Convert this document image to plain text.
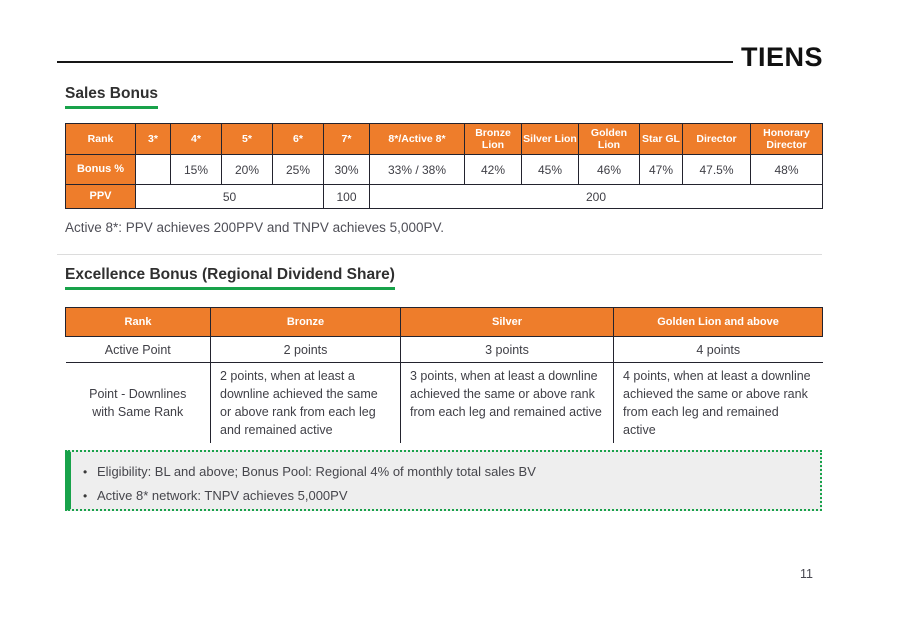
TIENS
Sales Bonus
Rank	3*	4*	5*	6*	7*	8*/Active 8*	Bronze Lion	Silver Lion	Golden Lion	Star GL	Director	Honorary Director
Bonus %		15%	20%	25%	30%	33% / 38%	42%	45%	46%	47%	47.5%	48%
PPV	50				100	200						
Active 8*: PPV achieves 200PPV and TNPV achieves 5,000PV.
Excellence Bonus (Regional Dividend Share)
Rank	Bronze	Silver	Golden Lion and above
Active Point	2 points	3 points	4 points
Point - Downlines with Same Rank	2 points, when at least a downline achieved the same or above rank from each leg and remained active	3 points, when at least a downline achieved the same or above rank from each leg and remained active	4 points, when at least a downline achieved the same or above rank from each leg and remained active
• Eligibility: BL and above; Bonus Pool: Regional 4% of monthly total sales BV
• Active 8* network: TNPV achieves 5,000PV
11
